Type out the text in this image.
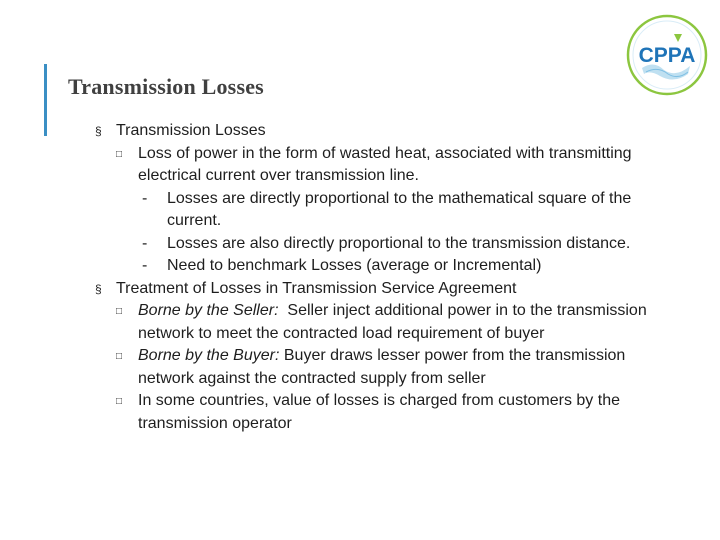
Transmission Losses
CPPA
§ Transmission Losses
□ Loss of power in the form of wasted heat, associated with transmitting electrical current over transmission line.
- Losses are directly proportional to the mathematical square of the current.
- Losses are also directly proportional to the transmission distance.
- Need to benchmark Losses (average or Incremental)
§ Treatment of Losses in Transmission Service Agreement
□ Borne by the Seller:  Seller inject additional power in to the transmission network to meet the contracted load requirement of buyer
□ Borne by the Buyer: Buyer draws lesser power from the transmission network against the contracted supply from seller
□ In some countries, value of losses is charged from customers by the transmission operator
